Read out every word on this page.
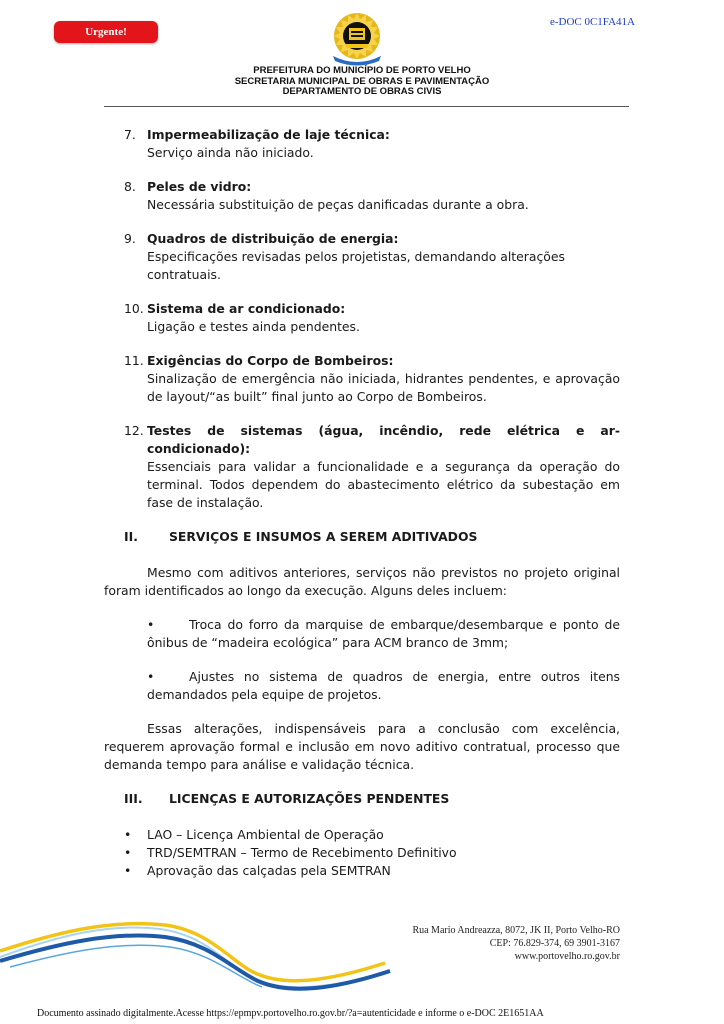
Urgente!
e-DOC 0C1FA41A
PREFEITURA DO MUNICÍPIO DE PORTO VELHO
SECRETARIA MUNICIPAL DE OBRAS E PAVIMENTAÇÃO
DEPARTAMENTO DE OBRAS CIVIS
7. Impermeabilização de laje técnica:
Serviço ainda não iniciado.
8. Peles de vidro:
Necessária substituição de peças danificadas durante a obra.
9. Quadros de distribuição de energia:
Especificações revisadas pelos projetistas, demandando alterações contratuais.
10. Sistema de ar condicionado:
Ligação e testes ainda pendentes.
11. Exigências do Corpo de Bombeiros:
Sinalização de emergência não iniciada, hidrantes pendentes, e aprovação de layout/“as built” final junto ao Corpo de Bombeiros.
12. Testes de sistemas (água, incêndio, rede elétrica e ar-condicionado):
Essenciais para validar a funcionalidade e a segurança da operação do terminal. Todos dependem do abastecimento elétrico da subestação em fase de instalação.
II.	SERVIÇOS E INSUMOS A SEREM ADITIVADOS
Mesmo com aditivos anteriores, serviços não previstos no projeto original foram identificados ao longo da execução. Alguns deles incluem:
•	Troca do forro da marquise de embarque/desembarque e ponto de ônibus de “madeira ecológica” para ACM branco de 3mm;
•	Ajustes no sistema de quadros de energia, entre outros itens demandados pela equipe de projetos.
Essas alterações, indispensáveis para a conclusão com excelência, requerem aprovação formal e inclusão em novo aditivo contratual, processo que demanda tempo para análise e validação técnica.
III.	LICENÇAS E AUTORIZAÇÕES PENDENTES
•	LAO – Licença Ambiental de Operação
•	TRD/SEMTRAN – Termo de Recebimento Definitivo
•	Aprovação das calçadas pela SEMTRAN
Rua Mario Andreazza, 8072, JK II, Porto Velho-RO
CEP: 76.829-374, 69 3901-3167
www.portovelho.ro.gov.br
Documento assinado digitalmente.Acesse https://epmpv.portovelho.ro.gov.br/?a=autenticidade e informe o e-DOC 2E1651AA
